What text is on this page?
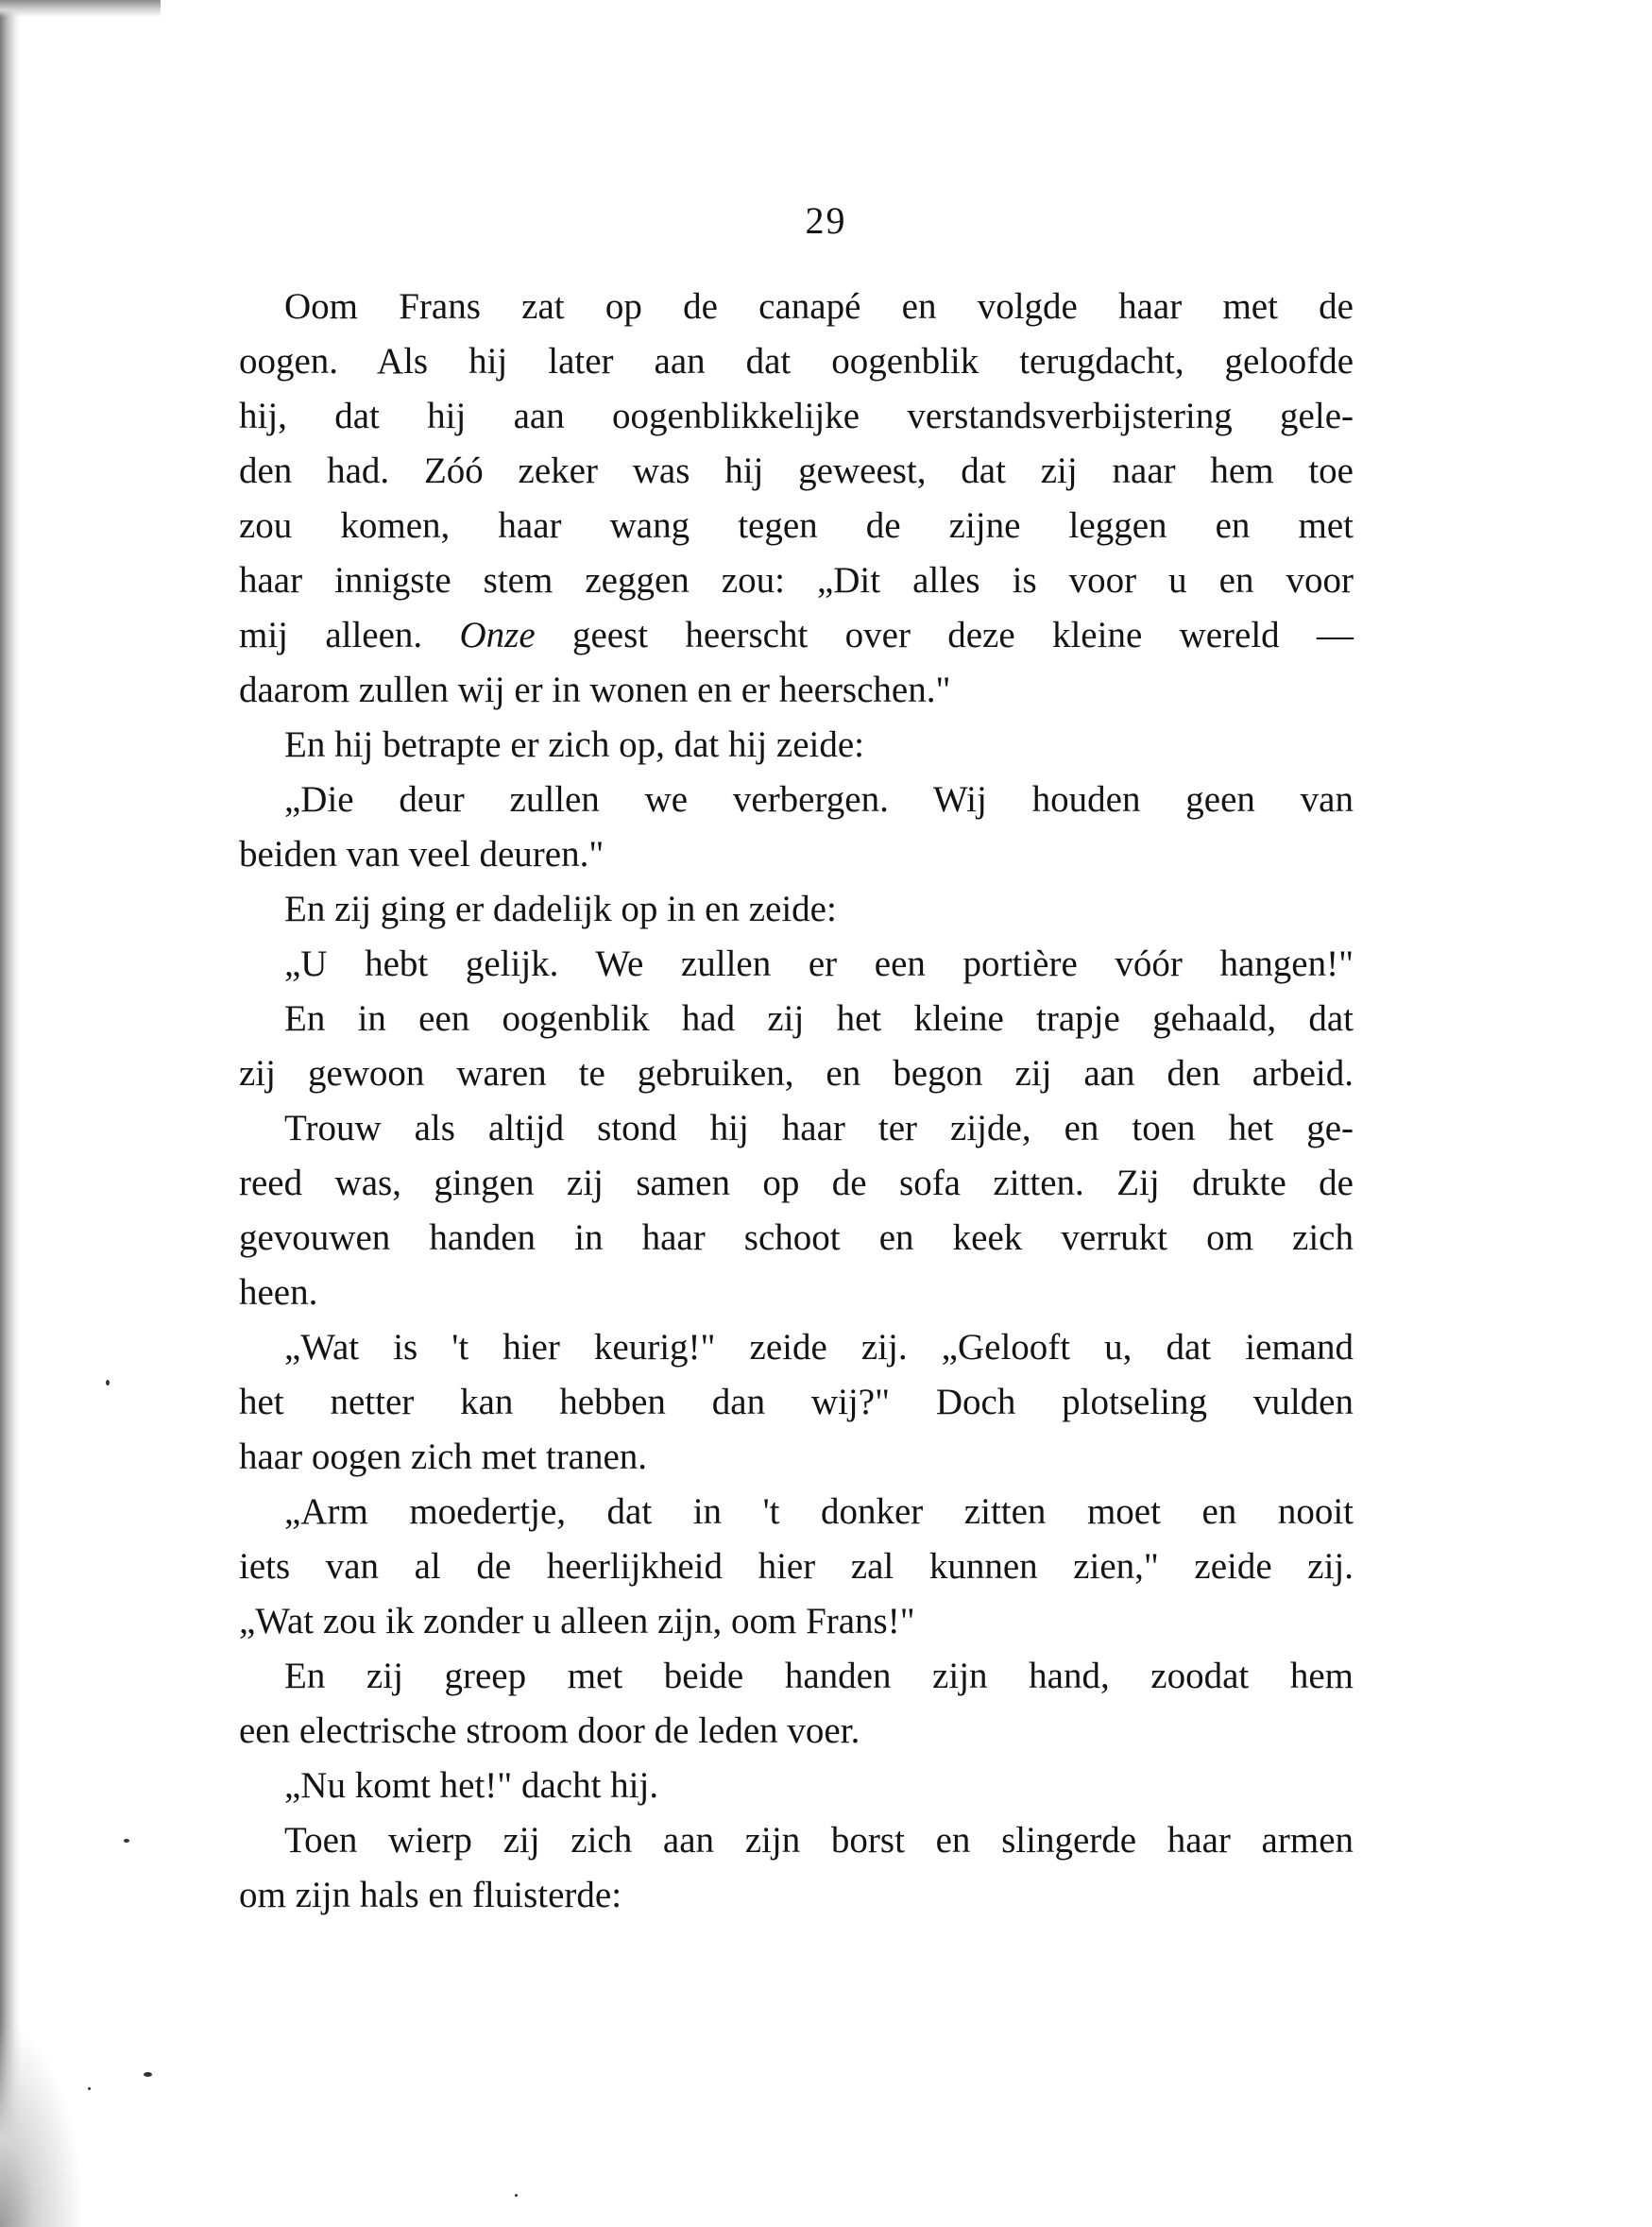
29
Oom Frans zat op de canapé en volgde haar met de
oogen. Als hij later aan dat oogenblik terugdacht, geloofde
hij, dat hij aan oogenblikkelijke verstandsverbijstering gele-
den had. Zóó zeker was hij geweest, dat zij naar hem toe
zou komen, haar wang tegen de zijne leggen en met
haar innigste stem zeggen zou: „Dit alles is voor u en voor
mij alleen. Onze geest heerscht over deze kleine wereld —
daarom zullen wij er in wonen en er heerschen."
En hij betrapte er zich op, dat hij zeide:
„Die deur zullen we verbergen. Wij houden geen van
beiden van veel deuren."
En zij ging er dadelijk op in en zeide:
„U hebt gelijk. We zullen er een portière vóór hangen!"
En in een oogenblik had zij het kleine trapje gehaald, dat
zij gewoon waren te gebruiken, en begon zij aan den arbeid.
Trouw als altijd stond hij haar ter zijde, en toen het ge-
reed was, gingen zij samen op de sofa zitten. Zij drukte de
gevouwen handen in haar schoot en keek verrukt om zich
heen.
„Wat is 't hier keurig!" zeide zij. „Gelooft u, dat iemand
het netter kan hebben dan wij?" Doch plotseling vulden
haar oogen zich met tranen.
„Arm moedertje, dat in 't donker zitten moet en nooit
iets van al de heerlijkheid hier zal kunnen zien," zeide zij.
„Wat zou ik zonder u alleen zijn, oom Frans!"
En zij greep met beide handen zijn hand, zoodat hem
een electrische stroom door de leden voer.
„Nu komt het!" dacht hij.
Toen wierp zij zich aan zijn borst en slingerde haar armen
om zijn hals en fluisterde:
